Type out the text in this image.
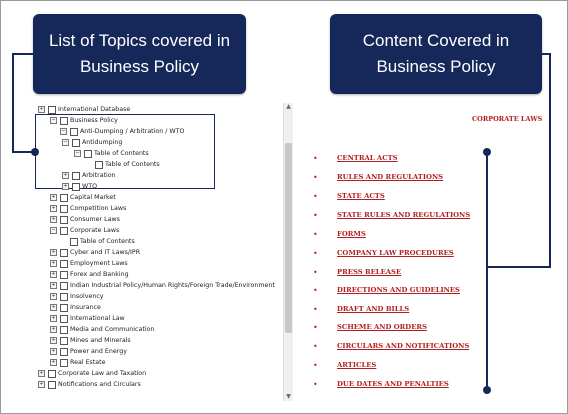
List of Topics covered in
Business Policy
Content Covered in
Business Policy
+ International Database
− Business Policy
− Anti-Dumping / Arbitration / WTO
− Antidumping
− Table of Contents
Table of Contents
+ Arbitration
+ WTO
+ Capital Market
+ Competition Laws
+ Consumer Laws
− Corporate Laws
Table of Contents
+ Cyber and IT Laws/IPR
+ Employment Laws
+ Forex and Banking
+ Indian Industrial Policy/Human Rights/Foreign Trade/Environment
+ Insolvency
+ Insurance
+ International Law
+ Media and Communication
+ Mines and Minerals
+ Power and Energy
+ Real Estate
+ Corporate Law and Taxation
+ Notifications and Circulars
▲
▼
CORPORATE LAWS
•	CENTRAL ACTS
•	RULES AND REGULATIONS
•	STATE ACTS
•	STATE RULES AND REGULATIONS
•	FORMS
•	COMPANY LAW PROCEDURES
•	PRESS RELEASE
•	DIRECTIONS AND GUIDELINES
•	DRAFT AND BILLS
•	SCHEME AND ORDERS
•	CIRCULARS AND NOTIFICATIONS
•	ARTICLES
•	DUE DATES AND PENALTIES
